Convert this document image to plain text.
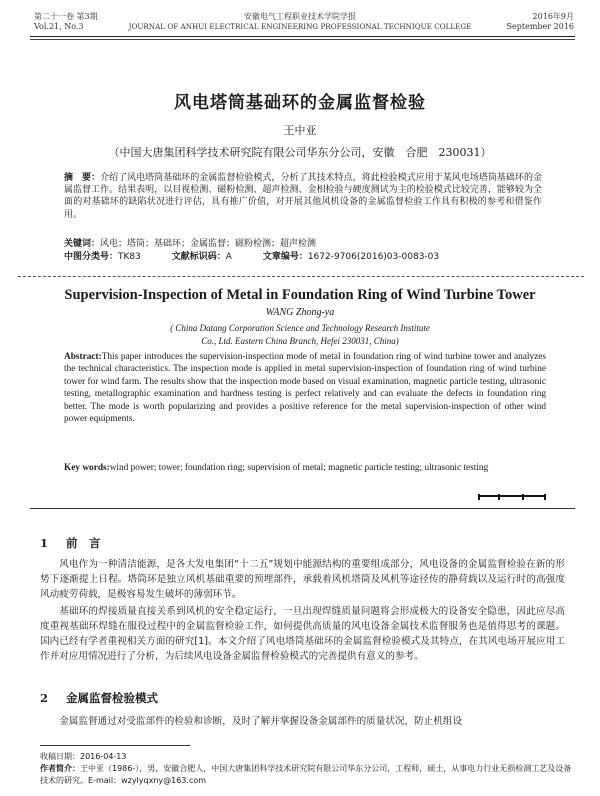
第二十一卷 第3期
Vol.21, No.3
安徽电气工程职业技术学院学报
JOURNAL OF ANHUI ELECTRICAL ENGINEERING PROFESSIONAL TECHNIQUE COLLEGE
2016年9月
September 2016
风电塔筒基础环的金属监督检验
王中亚
（中国大唐集团科学技术研究院有限公司华东分公司，安徽　合肥　230031）
摘　要：介绍了风电塔筒基础环的金属监督检验模式，分析了其技术特点，将此检验模式应用于某风电场塔筒基础环的金属监督工作。结果表明，以目视检测、磁粉检测、超声检测、金相检验与硬度测试为主的检验模式比较完善，能够较为全面的对基础环的缺陷状况进行评估，具有推广价值，对开展其他风机设备的金属监督检验工作具有积极的参考和借鉴作用。
关键词：风电；塔筒；基础环；金属监督；磁粉检测；超声检测
中图分类号：TK83	文献标识码：A	文章编号：1672-9706(2016)03-0083-03
Supervision-Inspection of Metal in Foundation Ring of Wind Turbine Tower
WANG Zhong-ya
( China Datang Corporation Science and Technology Research Institute
Co., Ltd. Eastern China Branch, Hefei 230031, China)
Abstract:This paper introduces the supervision-inspection mode of metal in foundation ring of wind turbine tower and analyzes the technical characteristics. The inspection mode is applied in metal supervision-inspection of foundation ring of wind turbine tower for wind farm. The results show that the inspection mode based on visual examination, magnetic particle testing, ultrasonic testing, metallographic examination and hardness testing is perfect relatively and can evaluate the defects in foundation ring better. The mode is worth popularizing and provides a positive reference for the metal supervision-inspection of other wind power equipments.
Key words:wind power; tower; foundation ring; supervision of metal; magnetic particle testing; ultrasonic testing
1 前　言
风电作为一种清洁能源，是各大发电集团“十二五”规划中能源结构的重要组成部分，风电设备的金属监督检验在新的形势下逐渐提上日程。塔筒环是独立风机基础重要的预埋部件，承载着风机塔筒及风机等途径传的静荷载以及运行时的高强度风动疲劳荷载，是极容易发生破坏的薄弱环节。
基础环的焊接质量直接关系到风机的安全稳定运行，一旦出现焊缝质量问题将会形成极大的设备安全隐患，因此应尽高度重视基础环焊缝在服役过程中的金属监督检验工作，如何提供高质量的风电设备金属技术监督服务也是值得思考的课题。国内已经有学者重视相关方面的研究[1]。本文介绍了风电塔筒基础环的金属监督检验模式及其特点，在其风电场开展应用工作并对应用情况进行了分析，为后续风电设备金属监督检验模式的完善提供有意义的参考。
2 金属监督检验模式
金属监督通过对受监部件的检验和诊断，及时了解并掌握设备金属部件的质量状况，防止机组设
收稿日期：2016-04-13
作者简介：王中亚（1986-），男，安徽合肥人，中国大唐集团科学技术研究院有限公司华东分公司，工程师，硕士，从事电力行业无损检测工艺及设备技术的研究。E-mail：wzylyqxny@163.com
